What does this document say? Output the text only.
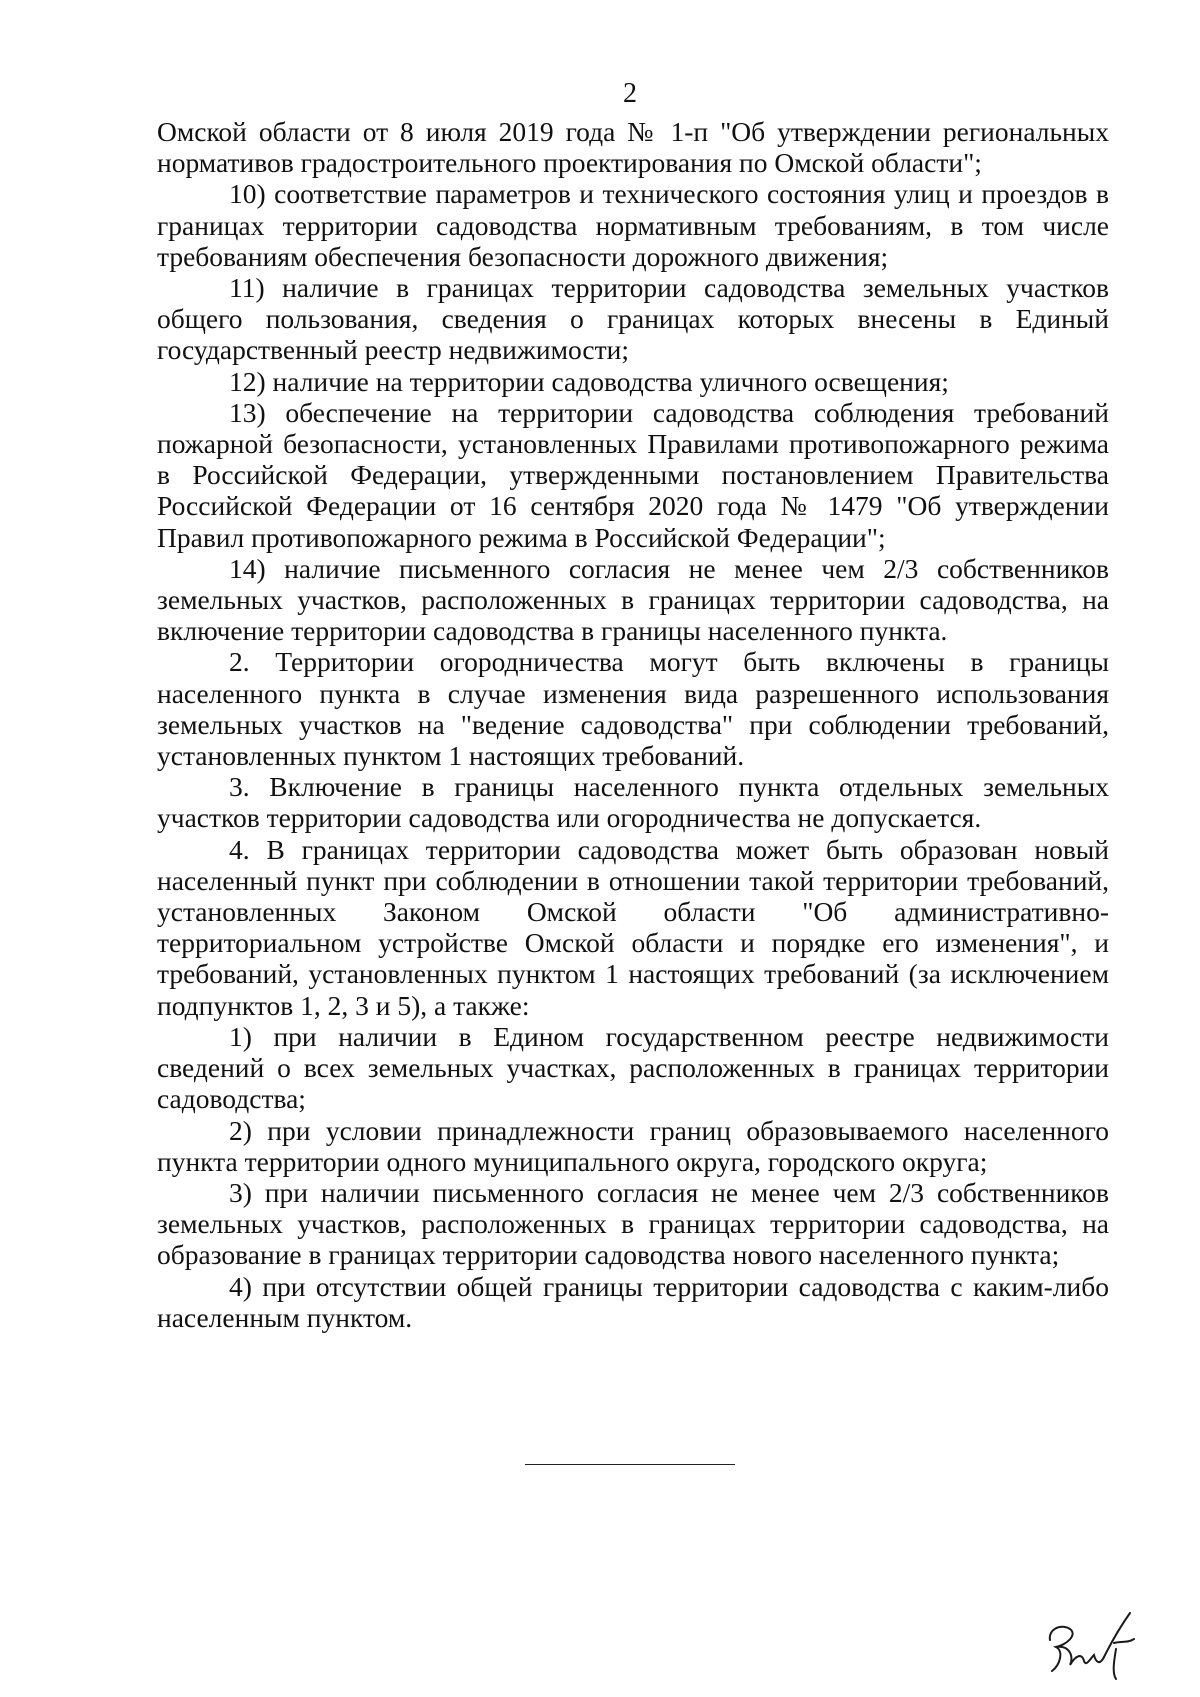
2

Омской области от 8 июля 2019 года № 1-п "Об утверждении региональных нормативов градостроительного проектирования по Омской области";

10) соответствие параметров и технического состояния улиц и проездов в границах территории садоводства нормативным требованиям, в том числе требованиям обеспечения безопасности дорожного движения;

11) наличие в границах территории садоводства земельных участков общего пользования, сведения о границах которых внесены в Единый государственный реестр недвижимости;

12) наличие на территории садоводства уличного освещения;

13) обеспечение на территории садоводства соблюдения требований пожарной безопасности, установленных Правилами противопожарного режима в Российской Федерации, утвержденными постановлением Правительства Российской Федерации от 16 сентября 2020 года № 1479 "Об утверждении Правил противопожарного режима в Российской Федерации";

14) наличие письменного согласия не менее чем 2/3 собственников земельных участков, расположенных в границах территории садоводства, на включение территории садоводства в границы населенного пункта.

2. Территории огородничества могут быть включены в границы населенного пункта в случае изменения вида разрешенного использования земельных участков на "ведение садоводства" при соблюдении требований, установленных пунктом 1 настоящих требований.

3. Включение в границы населенного пункта отдельных земельных участков территории садоводства или огородничества не допускается.

4. В границах территории садоводства может быть образован новый населенный пункт при соблюдении в отношении такой территории требований, установленных Законом Омской области "Об административно-территориальном устройстве Омской области и порядке его изменения", и требований, установленных пунктом 1 настоящих требований (за исключением подпунктов 1, 2, 3 и 5), а также:

1) при наличии в Едином государственном реестре недвижимости сведений о всех земельных участках, расположенных в границах территории садоводства;

2) при условии принадлежности границ образовываемого населенного пункта территории одного муниципального округа, городского округа;

3) при наличии письменного согласия не менее чем 2/3 собственников земельных участков, расположенных в границах территории садоводства, на образование в границах территории садоводства нового населенного пункта;

4) при отсутствии общей границы территории садоводства с каким-либо населенным пунктом.
